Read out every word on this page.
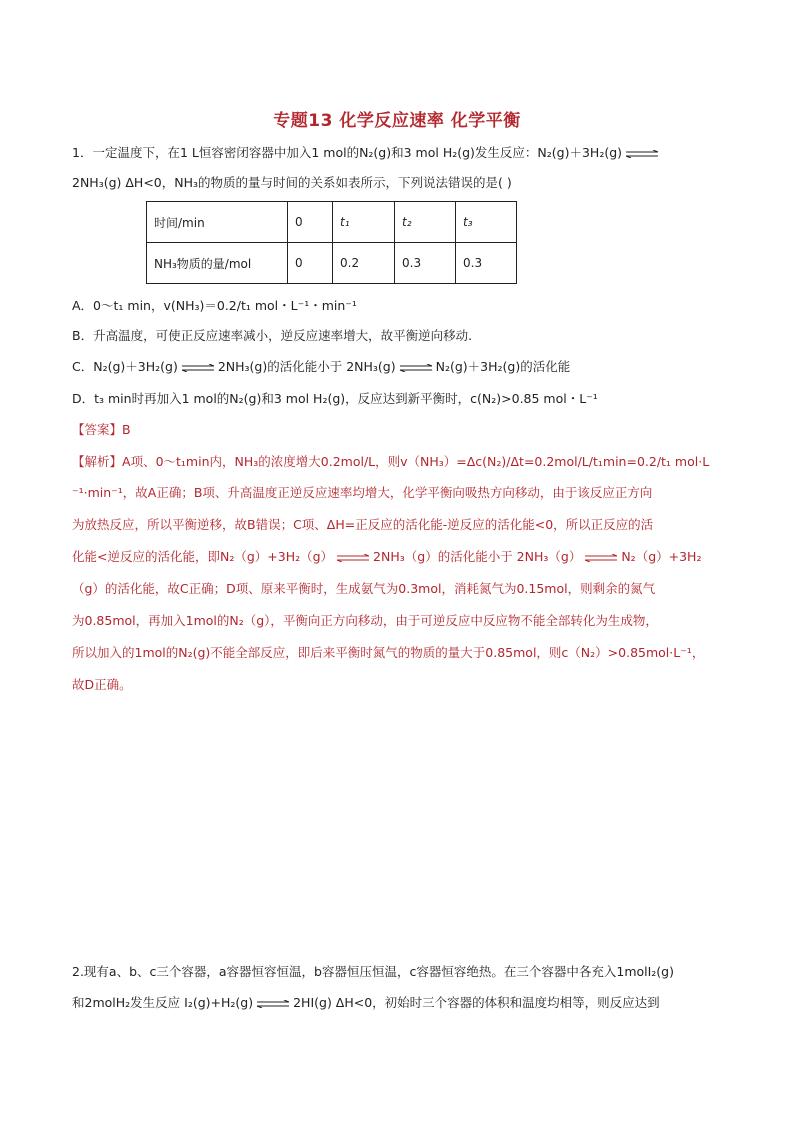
专题13 化学反应速率 化学平衡
1．一定温度下，在1 L恒容密闭容器中加入1 mol的N₂(g)和3 mol H₂(g)发生反应：N₂(g)＋3H₂(g) ⇌
2NH₃(g) ΔH<0，NH₃的物质的量与时间的关系如表所示，下列说法错误的是( )
时间/min	0	t₁	t₂	t₃
NH₃物质的量/mol	0	0.2	0.3	0.3
A．0～t₁ min，v(NH₃)＝0.2/t₁ mol・L⁻¹・min⁻¹
B．升高温度，可使正反应速率减小，逆反应速率增大，故平衡逆向移动.
C．N₂(g)＋3H₂(g) ⇌ 2NH₃(g)的活化能小于 2NH₃(g) ⇌ N₂(g)＋3H₂(g)的活化能
D．t₃ min时再加入1 mol的N₂(g)和3 mol H₂(g)，反应达到新平衡时，c(N₂)>0.85 mol・L⁻¹
【答案】B
【解析】A项、0～t₁min内，NH₃的浓度增大0.2mol/L，则v（NH₃）=Δc(N₂)/Δt=0.2mol/L/t₁min=0.2/t₁ mol·L
⁻¹·min⁻¹，故A正确；B项、升高温度正逆反应速率均增大，化学平衡向吸热方向移动，由于该反应正方向
为放热反应，所以平衡逆移，故B错误；C项、ΔH=正反应的活化能-逆反应的活化能<0，所以正反应的活
化能<逆反应的活化能，即N₂（g）+3H₂（g） ⇌ 2NH₃（g）的活化能小于 2NH₃（g） ⇌ N₂（g）+3H₂
（g）的活化能，故C正确；D项、原来平衡时，生成氨气为0.3mol，消耗氮气为0.15mol，则剩余的氮气
为0.85mol，再加入1mol的N₂（g），平衡向正方向移动，由于可逆反应中反应物不能全部转化为生成物，
所以加入的1mol的N₂(g)不能全部反应，即后来平衡时氮气的物质的量大于0.85mol，则c（N₂）>0.85mol·L⁻¹，
故D正确。
2.现有a、b、c三个容器，a容器恒容恒温，b容器恒压恒温，c容器恒容绝热。在三个容器中各充入1molI₂(g)
和2molH₂发生反应 I₂(g)+H₂(g) ⇌ 2HI(g) ΔH<0，初始时三个容器的体积和温度均相等，则反应达到
